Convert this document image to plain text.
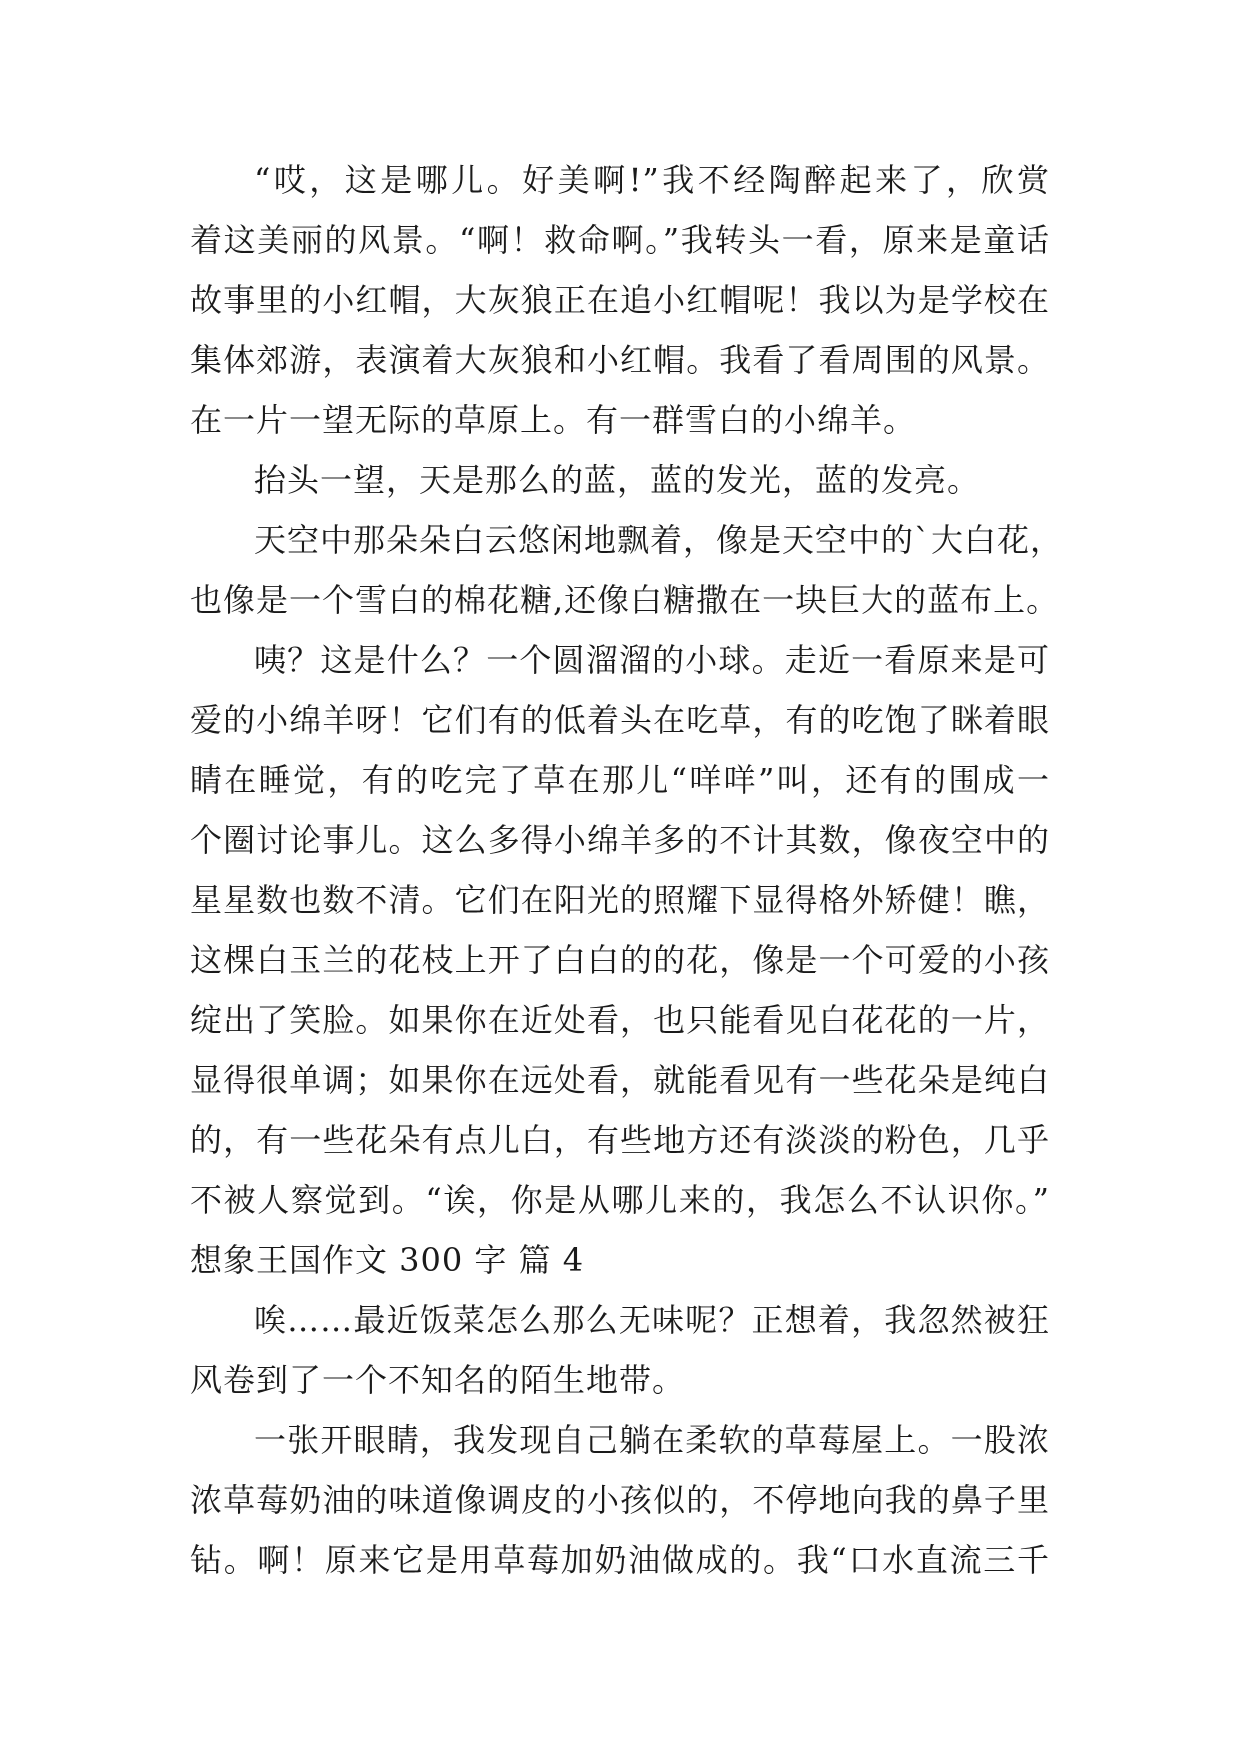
“哎，这是哪儿。好美啊!”我不经陶醉起来了，欣赏
着这美丽的风景。“啊！救命啊。”我转头一看，原来是童话
故事里的小红帽，大灰狼正在追小红帽呢！我以为是学校在
集体郊游，表演着大灰狼和小红帽。我看了看周围的风景。
在一片一望无际的草原上。有一群雪白的小绵羊。
抬头一望，天是那么的蓝，蓝的发光，蓝的发亮。
天空中那朵朵白云悠闲地飘着，像是天空中的`大白花，
也像是一个雪白的棉花糖,还像白糖撒在一块巨大的蓝布上。
咦？这是什么？一个圆溜溜的小球。走近一看原来是可
爱的小绵羊呀！它们有的低着头在吃草，有的吃饱了眯着眼
睛在睡觉，有的吃完了草在那儿“咩咩”叫，还有的围成一
个圈讨论事儿。这么多得小绵羊多的不计其数，像夜空中的
星星数也数不清。它们在阳光的照耀下显得格外矫健！瞧，
这棵白玉兰的花枝上开了白白的的花，像是一个可爱的小孩
绽出了笑脸。如果你在近处看，也只能看见白花花的一片，
显得很单调；如果你在远处看，就能看见有一些花朵是纯白
的，有一些花朵有点儿白，有些地方还有淡淡的粉色，几乎
不被人察觉到。“诶，你是从哪儿来的，我怎么不认识你。”
想象王国作文 300 字 篇 4
唉……最近饭菜怎么那么无味呢？正想着，我忽然被狂
风卷到了一个不知名的陌生地带。
一张开眼睛，我发现自己躺在柔软的草莓屋上。一股浓
浓草莓奶油的味道像调皮的小孩似的，不停地向我的鼻子里
钻。啊！原来它是用草莓加奶油做成的。我“口水直流三千
